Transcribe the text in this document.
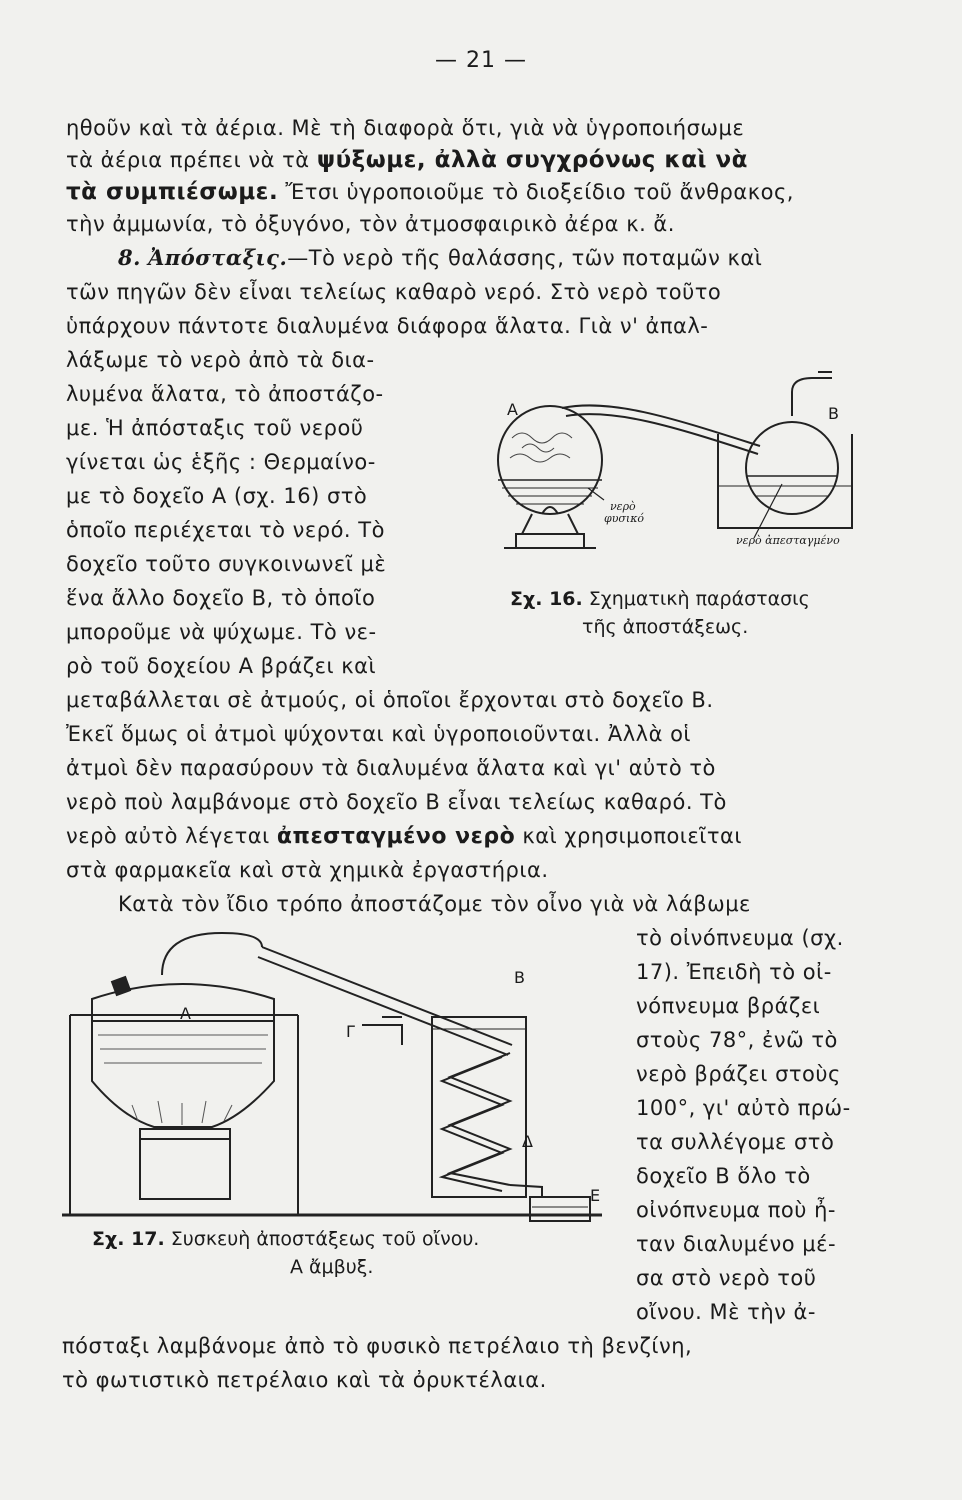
— 21 —
ηθοῦν καὶ τὰ ἀέρια. Μὲ τὴ διαφορὰ ὅτι, γιὰ νὰ ὑγροποιήσωμε
τὰ ἀέρια πρέπει νὰ τὰ ψύξωμε, ἀλλὰ συγχρόνως καὶ νὰ
τὰ συμπιέσωμε. Ἔτσι ὑγροποιοῦμε τὸ διοξείδιο τοῦ ἄνθρακος,
τὴν ἀμμωνία, τὸ ὀξυγόνο, τὸν ἀτμοσφαιρικὸ ἀέρα κ. ἄ.
8. Ἀπόσταξις.—Τὸ νερὸ τῆς θαλάσσης, τῶν ποταμῶν καὶ
τῶν πηγῶν δὲν εἶναι τελείως καθαρὸ νερό. Στὸ νερὸ τοῦτο
ὑπάρχουν πάντοτε διαλυμένα διάφορα ἅλατα. Γιὰ ν' ἀπαλ-
λάξωμε τὸ νερὸ ἀπὸ τὰ δια-
λυμένα ἅλατα, τὸ ἀποστάζο-
με. Ἡ ἀπόσταξις τοῦ νεροῦ
γίνεται ὡς ἑξῆς : Θερμαίνο-
με τὸ δοχεῖο Α (σχ. 16) στὸ
ὁποῖο περιέχεται τὸ νερό. Τὸ
δοχεῖο τοῦτο συγκοινωνεῖ μὲ
ἕνα ἄλλο δοχεῖο Β, τὸ ὁποῖο
μποροῦμε νὰ ψύχωμε. Τὸ νε-
ρὸ τοῦ δοχείου Α βράζει καὶ
μεταβάλλεται σὲ ἀτμούς, οἱ ὁποῖοι ἔρχονται στὸ δοχεῖο Β.
Ἐκεῖ ὅμως οἱ ἀτμοὶ ψύχονται καὶ ὑγροποιοῦνται. Ἀλλὰ οἱ
ἀτμοὶ δὲν παρασύρουν τὰ διαλυμένα ἅλατα καὶ γι' αὐτὸ τὸ
νερὸ ποὺ λαμβάνομε στὸ δοχεῖο Β εἶναι τελείως καθαρό. Τὸ
νερὸ αὐτὸ λέγεται ἀπεσταγμένο νερὸ καὶ χρησιμοποιεῖται
στὰ φαρμακεῖα καὶ στὰ χημικὰ ἐργαστήρια.
Κατὰ τὸν ἴδιο τρόπο ἀποστάζομε τὸν οἶνο γιὰ νὰ λάβωμε
τὸ οἰνόπνευμα (σχ.
17). Ἐπειδὴ τὸ οἰ-
νόπνευμα βράζει
στοὺς 78°, ἐνῶ τὸ
νερὸ βράζει στοὺς
100°, γι' αὐτὸ πρώ-
τα συλλέγομε στὸ
δοχεῖο Β ὅλο τὸ
οἰνόπνευμα ποὺ ἦ-
ταν διαλυμένο μέ-
σα στὸ νερὸ τοῦ
οἴνου. Μὲ τὴν ἀ-
πόσταξι λαμβάνομε ἀπὸ τὸ φυσικὸ πετρέλαιο τὴ βενζίνη,
τὸ φωτιστικὸ πετρέλαιο καὶ τὰ ὀρυκτέλαια.
Α	Β
νερὸ
φυσικό
νερὸ ἀπεσταγμένο
Σχ. 16. Σχηματικὴ παράστασις
τῆς ἀποστάξεως.
Α
Β
Γ
Δ
Ε
Σχ. 17. Συσκευὴ ἀποστάξεως τοῦ οἴνου.
Α ἄμβυξ.
